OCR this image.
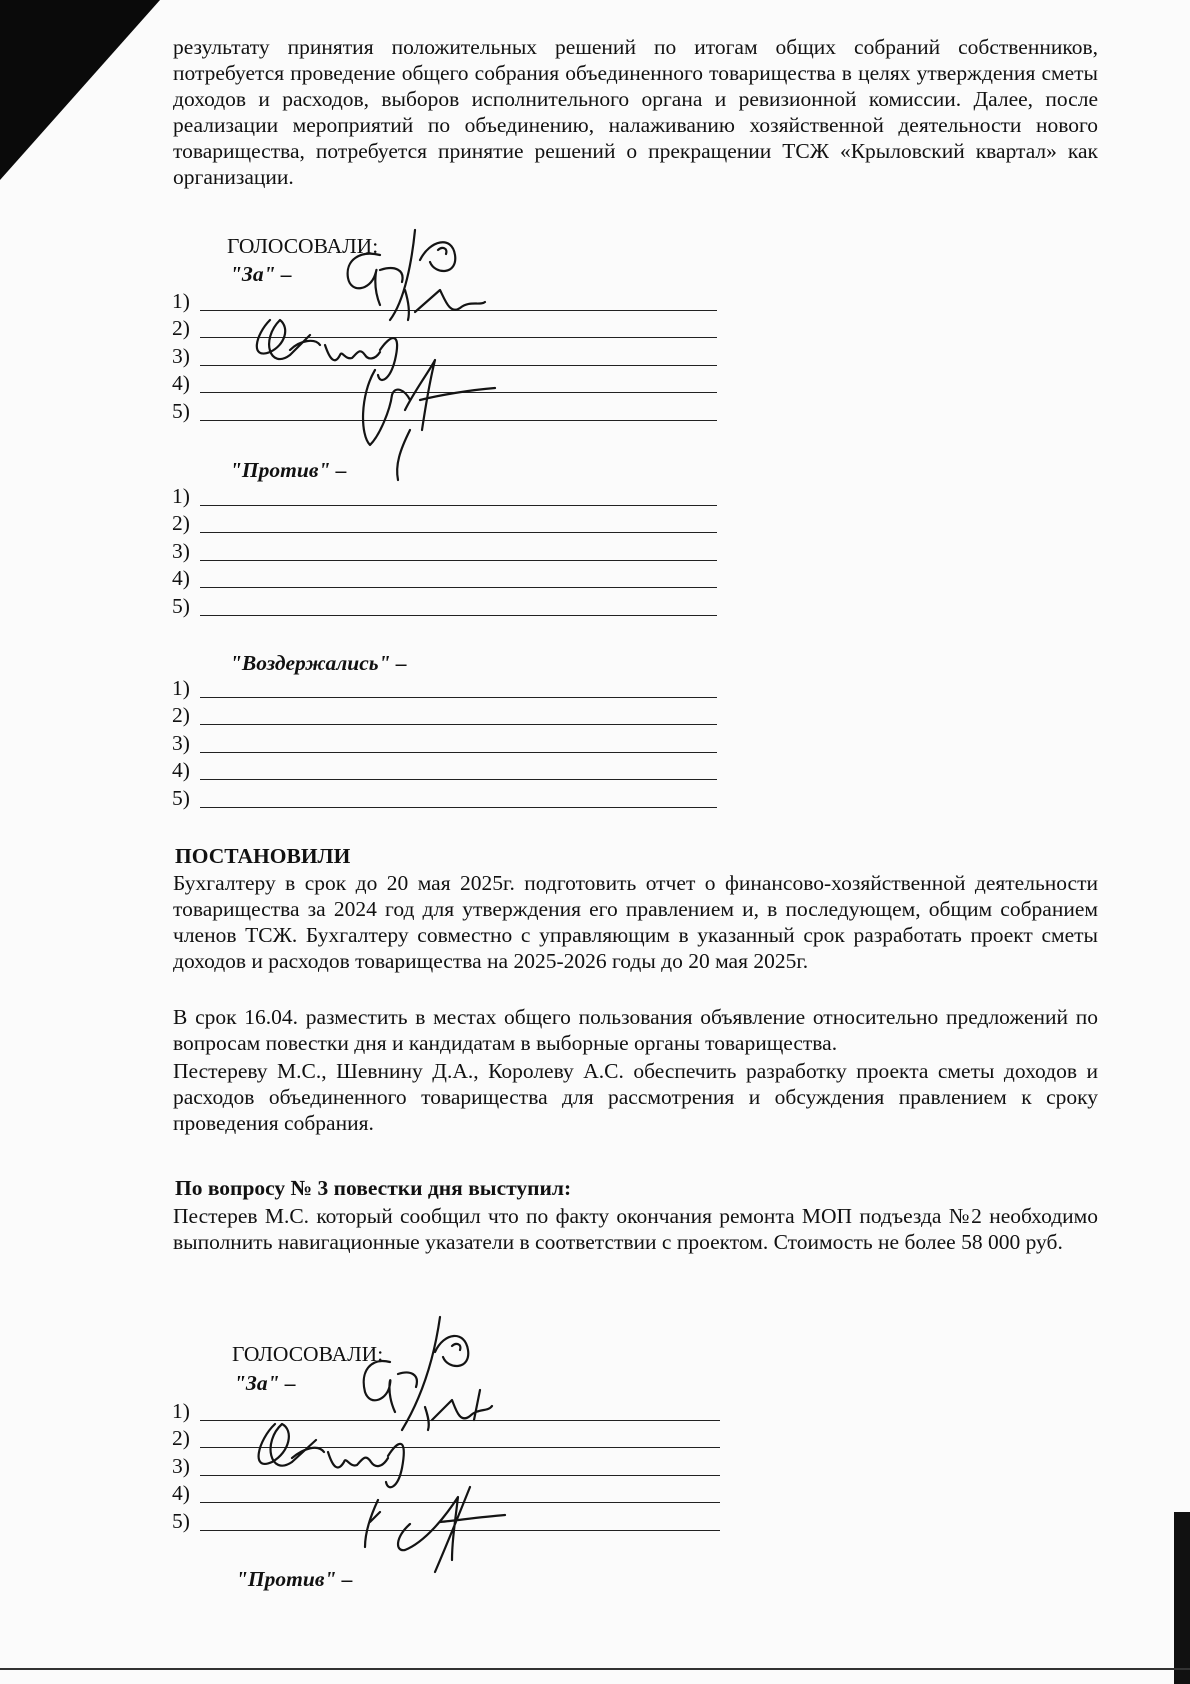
результату принятия положительных решений по итогам общих собраний собственников, потребуется проведение общего собрания объединенного товарищества в целях утверждения сметы доходов и расходов, выборов исполнительного органа и ревизионной комиссии. Далее, после реализации мероприятий по объединению, налаживанию хозяйственной деятельности нового товарищества, потребуется принятие решений о прекращении ТСЖ «Крыловский квартал» как организации.

ГОЛОСОВАЛИ:
"За" –
1)
2)
3)
4)
5)
"Против" –
1)
2)
3)
4)
5)
"Воздержались" –
1)
2)
3)
4)
5)

ПОСТАНОВИЛИ

Бухгалтеру в срок до 20 мая 2025г. подготовить отчет о финансово-хозяйственной деятельности товарищества за 2024 год для утверждения его правлением и, в последующем, общим собранием членов ТСЖ. Бухгалтеру совместно с управляющим в указанный срок разработать проект сметы доходов и расходов товарищества на 2025-2026 годы до 20 мая 2025г.

В срок 16.04. разместить в местах общего пользования объявление относительно предложений по вопросам повестки дня и кандидатам в выборные органы товарищества.

Пестереву М.С., Шевнину Д.А., Королеву А.С. обеспечить разработку проекта сметы доходов и расходов объединенного товарищества для рассмотрения и обсуждения правлением к сроку проведения собрания.

По вопросу № 3 повестки дня выступил:

Пестерев М.С. который сообщил что по факту окончания ремонта МОП подъезда №2 необходимо выполнить навигационные указатели в соответствии с проектом. Стоимость не более 58 000 руб.

ГОЛОСОВАЛИ:
"За" –
1)
2)
3)
4)
5)
"Против" –
